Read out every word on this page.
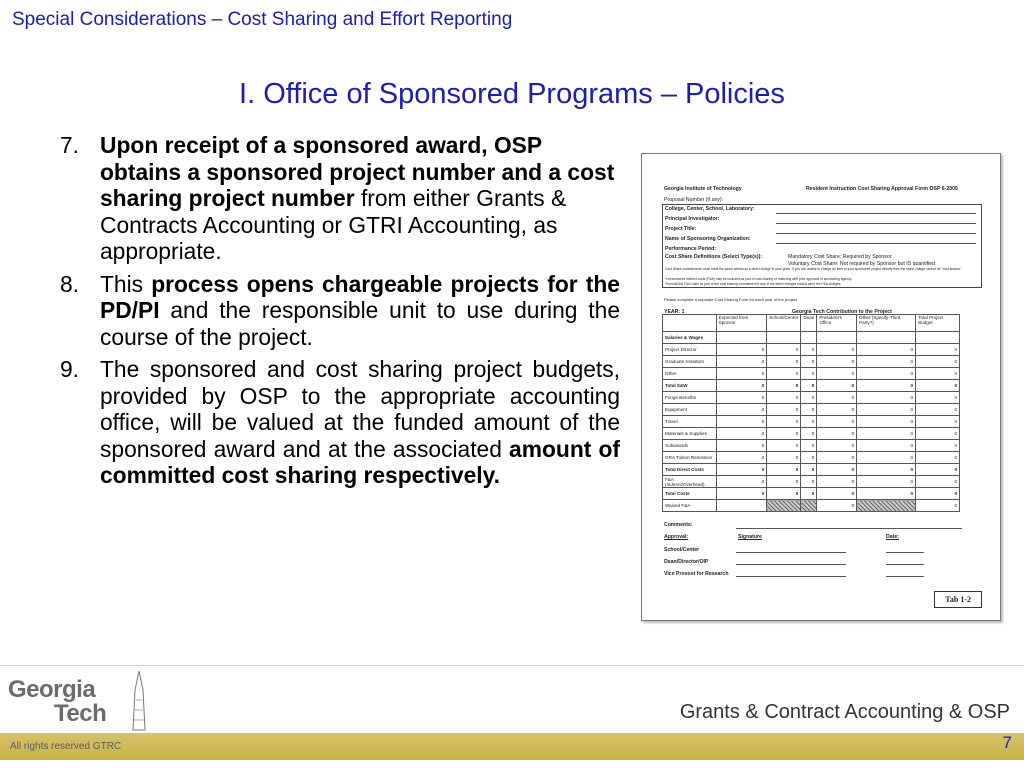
Special Considerations – Cost Sharing and Effort Reporting
I. Office of Sponsored Programs – Policies
7. Upon receipt of a sponsored award, OSP obtains a sponsored project number and a cost sharing project number from either Grants & Contracts Accounting or GTRI Accounting, as appropriate.
8. This process opens chargeable projects for the PD/PI and the responsible unit to use during the course of the project.
9. The sponsored and cost sharing project budgets, provided by OSP to the appropriate accounting office, will be valued at the funded amount of the sponsored award and at the associated amount of committed cost sharing respectively.
Georgia Institute of Technology	Resident Instruction Cost Sharing Approval Form OSP 6-2005
Proposal Number (if any):
College, Center, School, Laboratory:
Principal Investigator:
Project Title:
Name of Sponsoring Organization:
Performance Period:
Cost Share Definitions (Select Type(s)):	Mandatory Cost Share: Required by Sponsor
Voluntary Cost Share: Not required by Sponsor but IS quantified
Cost Share commitments must meet the same criteria as a direct charge to your grant. If you are unable to charge an item to your sponsored project directly then the same charge cannot be "cost shared."
*Unrecovered indirect costs (F&A) may be included as part of cost sharing or matching with prior approval of sponsoring agency.
*School/Unit F&A costs as part of the cost sharing commitment if any of the direct charges should carry the F&A charges.
Please complete a separate Cost Sharing Form for each year of the project.
YEAR: 1	Georgia Tech Contribution to the Project
	Expected from Sponsor	School/Center	Dean	President's Office	Other (Specify-Third Party?)	Total Project Budget
Salaries & Wages						
Project Director	0	0	0	0	0	0
Graduate Assistant	0	0	0	0	0	0
Other	0	0	0	0	0	0
Total S&W	0	0	0	0	0	0
Fringe Benefits	0	0	0	0	0	0
Equipment	0	0	0	0	0	0
Travel	0	0	0	0	0	0
Materials & Supplies	0	0	0	0	0	0
Subawards	0	0	0	0	0	0
GRA Tuition Remission	0	0	0	0	0	0
Total Direct Costs	0	0	0	0	0	0
F&A (Indirect/Overhead)	0	0	0	0	0	0
Total Costs	0	0	0	0	0	0
Waived F&A				0		0
Comments:
Approval:	Signature	Date:
School/Center
Dean/Director/OIP
Vice Provost for Research
Tab 1-2
Georgia
Tech	Grants & Contract Accounting & OSP
All rights reserved GTRC	7
